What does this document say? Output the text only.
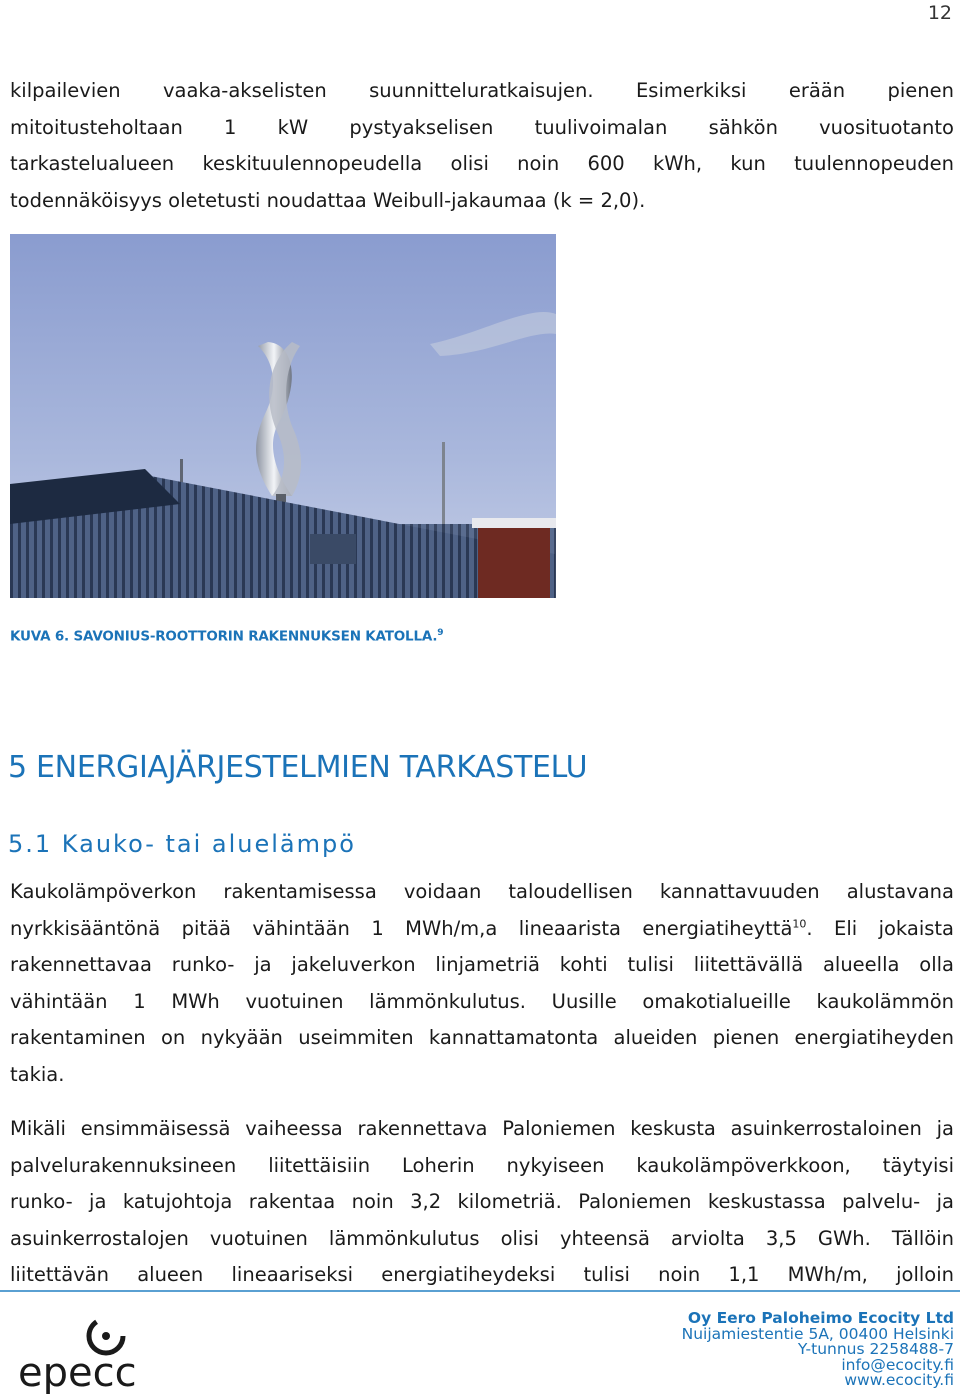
12
kilpailevien vaaka-akselisten suunnitteluratkaisujen. Esimerkiksi erään pienen
mitoitusteholtaan 1 kW pystyakselisen tuulivoimalan sähkön vuosituotanto
tarkastelualueen keskituulennopeudella olisi noin 600 kWh, kun tuulennopeuden
todennäköisyys oletetusti noudattaa Weibull-jakaumaa (k = 2,0).
KUVA 6. SAVONIUS-ROOTTORIN RAKENNUKSEN KATOLLA.$^9$
5 ENERGIAJÄRJESTELMIEN TARKASTELU
5.1 Kauko- tai aluelämpö
Kaukolämpöverkon rakentamisessa voidaan taloudellisen kannattavuuden alustavana
nyrkkisääntönä pitää vähintään 1 MWh/m,a lineaarista energiatiheyttä$^{10}$. Eli jokaista
rakennettavaa runko- ja jakeluverkon linjametriä kohti tulisi liitettävällä alueella olla
vähintään 1 MWh vuotuinen lämmönkulutus. Uusille omakotialueille kaukolämmön
rakentaminen on nykyään useimmiten kannattamatonta alueiden pienen energiatiheyden
takia.
Mikäli ensimmäisessä vaiheessa rakennettava Paloniemen keskusta asuinkerrostaloinen ja
palvelurakennuksineen liitettäisiin Loherin nykyiseen kaukolämpöverkkoon, täytyisi
runko- ja katujohtoja rakentaa noin 3,2 kilometriä. Paloniemen keskustassa palvelu- ja
asuinkerrostalojen vuotuinen lämmönkulutus olisi yhteensä arviolta 3,5 GWh. Tällöin
liitettävän alueen lineaariseksi energiatiheydeksi tulisi noin 1,1 MWh/m, jolloin
epecc
Oy Eero Paloheimo Ecocity Ltd
Nuijamiestentie 5A, 00400 Helsinki
Y-tunnus 2258488-7
info@ecocity.fi
www.ecocity.fi
